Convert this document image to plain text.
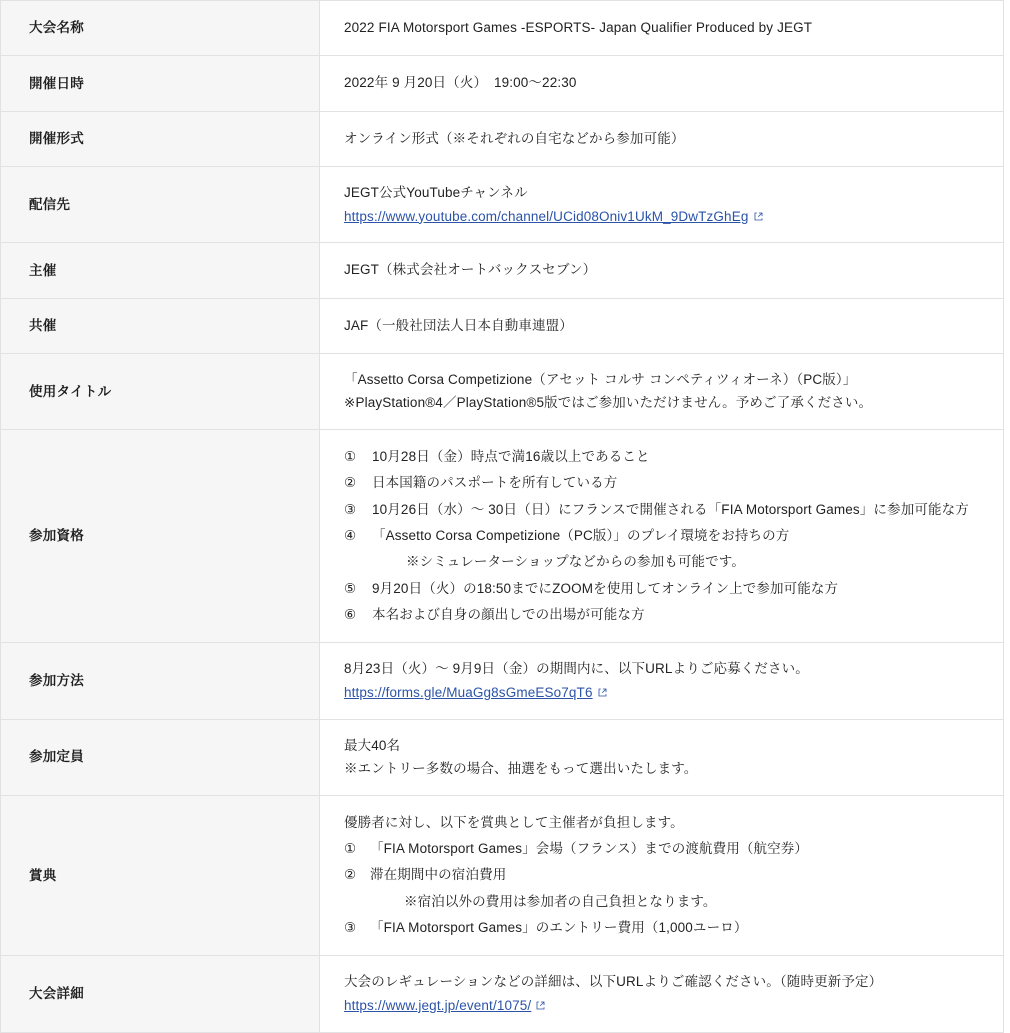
大会名称	2022 FIA Motorsport Games -ESPORTS- Japan Qualifier Produced by JEGT

開催日時	2022年 9 月20日（火）　19:00〜22:30

開催形式	オンライン形式（※それぞれの自宅などから参加可能）

配信先	JEGT公式YouTubeチャンネル
https://www.youtube.com/channel/UCid08Oniv1UkM_9DwTzGhEg

主催	JEGT（株式会社オートバックスセブン）

共催	JAF（一般社団法人日本自動車連盟）

使用タイトル	「Assetto Corsa Competizione（アセット コルサ コンペティツィオーネ）（PC版）」
※PlayStation®4／PlayStation®5版ではご参加いただけません。予めご了承ください。

参加資格	
①	10月28日（金）時点で満16歳以上であること
②	日本国籍のパスポートを所有している方
③	10月26日（水）〜 30日（日）にフランスで開催される「FIA Motorsport Games」に参加可能な方
④	「Assetto Corsa Competizione（PC版）」のプレイ環境をお持ちの方
※シミュレーターショップなどからの参加も可能です。
⑤	9月20日（火）の18:50までにZOOMを使用してオンライン上で参加可能な方
⑥	本名および自身の顔出しでの出場が可能な方

参加方法	8月23日（火）〜 9月9日（金）の期間内に、以下URLよりご応募ください。
https://forms.gle/MuaGg8sGmeESo7qT6

参加定員	最大40名
※エントリー多数の場合、抽選をもって選出いたします。

賞典	
優勝者に対し、以下を賞典として主催者が負担します。
①	「FIA Motorsport Games」会場（フランス）までの渡航費用（航空券）
②	滞在期間中の宿泊費用
※宿泊以外の費用は参加者の自己負担となります。
③	「FIA Motorsport Games」のエントリー費用（1,000ユーロ）

大会詳細	大会のレギュレーションなどの詳細は、以下URLよりご確認ください。（随時更新予定）
https://www.jegt.jp/event/1075/
